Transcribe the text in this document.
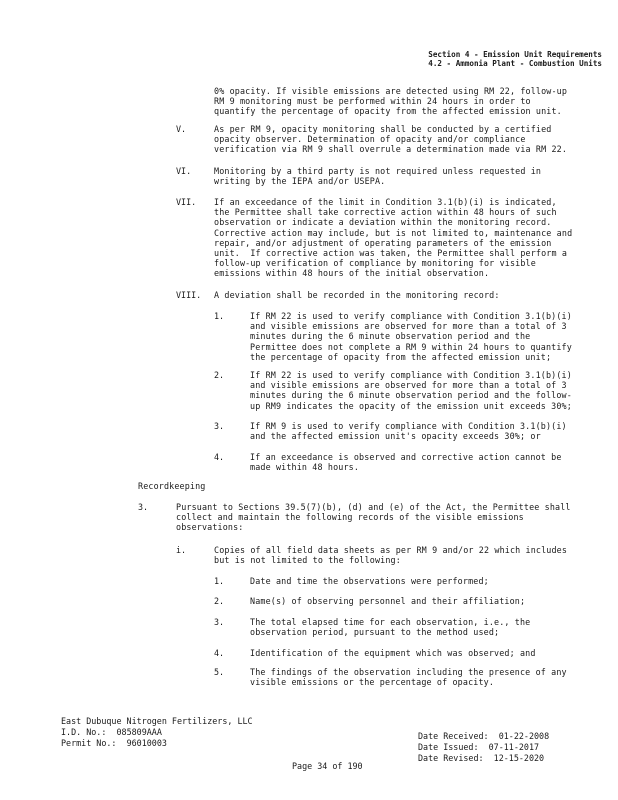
Section 4 - Emission Unit Requirements
4.2 - Ammonia Plant - Combustion Units
0% opacity. If visible emissions are detected using RM 22, follow-up
RM 9 monitoring must be performed within 24 hours in order to
quantify the percentage of opacity from the affected emission unit.
V.	As per RM 9, opacity monitoring shall be conducted by a certified
opacity observer. Determination of opacity and/or compliance
verification via RM 9 shall overrule a determination made via RM 22.
VI.	Monitoring by a third party is not required unless requested in
writing by the IEPA and/or USEPA.
VII. If an exceedance of the limit in Condition 3.1(b)(i) is indicated,
the Permittee shall take corrective action within 48 hours of such
observation or indicate a deviation within the monitoring record.
Corrective action may include, but is not limited to, maintenance and
repair, and/or adjustment of operating parameters of the emission
unit.  If corrective action was taken, the Permittee shall perform a
follow-up verification of compliance by monitoring for visible
emissions within 48 hours of the initial observation.
VIII. A deviation shall be recorded in the monitoring record:
1.	If RM 22 is used to verify compliance with Condition 3.1(b)(i)
and visible emissions are observed for more than a total of 3
minutes during the 6 minute observation period and the
Permittee does not complete a RM 9 within 24 hours to quantify
the percentage of opacity from the affected emission unit;
2.	If RM 22 is used to verify compliance with Condition 3.1(b)(i)
and visible emissions are observed for more than a total of 3
minutes during the 6 minute observation period and the follow-
up RM9 indicates the opacity of the emission unit exceeds 30%;
3.	If RM 9 is used to verify compliance with Condition 3.1(b)(i)
and the affected emission unit's opacity exceeds 30%; or
4.	If an exceedance is observed and corrective action cannot be
made within 48 hours.
Recordkeeping
3.	Pursuant to Sections 39.5(7)(b), (d) and (e) of the Act, the Permittee shall
collect and maintain the following records of the visible emissions
observations:
i.	Copies of all field data sheets as per RM 9 and/or 22 which includes
but is not limited to the following:
1.	Date and time the observations were performed;
2.	Name(s) of observing personnel and their affiliation;
3.	The total elapsed time for each observation, i.e., the
observation period, pursuant to the method used;
4.	Identification of the equipment which was observed; and
5.	The findings of the observation including the presence of any
visible emissions or the percentage of opacity.
East Dubuque Nitrogen Fertilizers, LLC
I.D. No.: 085809AAA
Permit No.: 96010003
Date Received: 01-22-2008
Date Issued: 07-11-2017
Date Revised: 12-15-2020
Page 34 of 190
